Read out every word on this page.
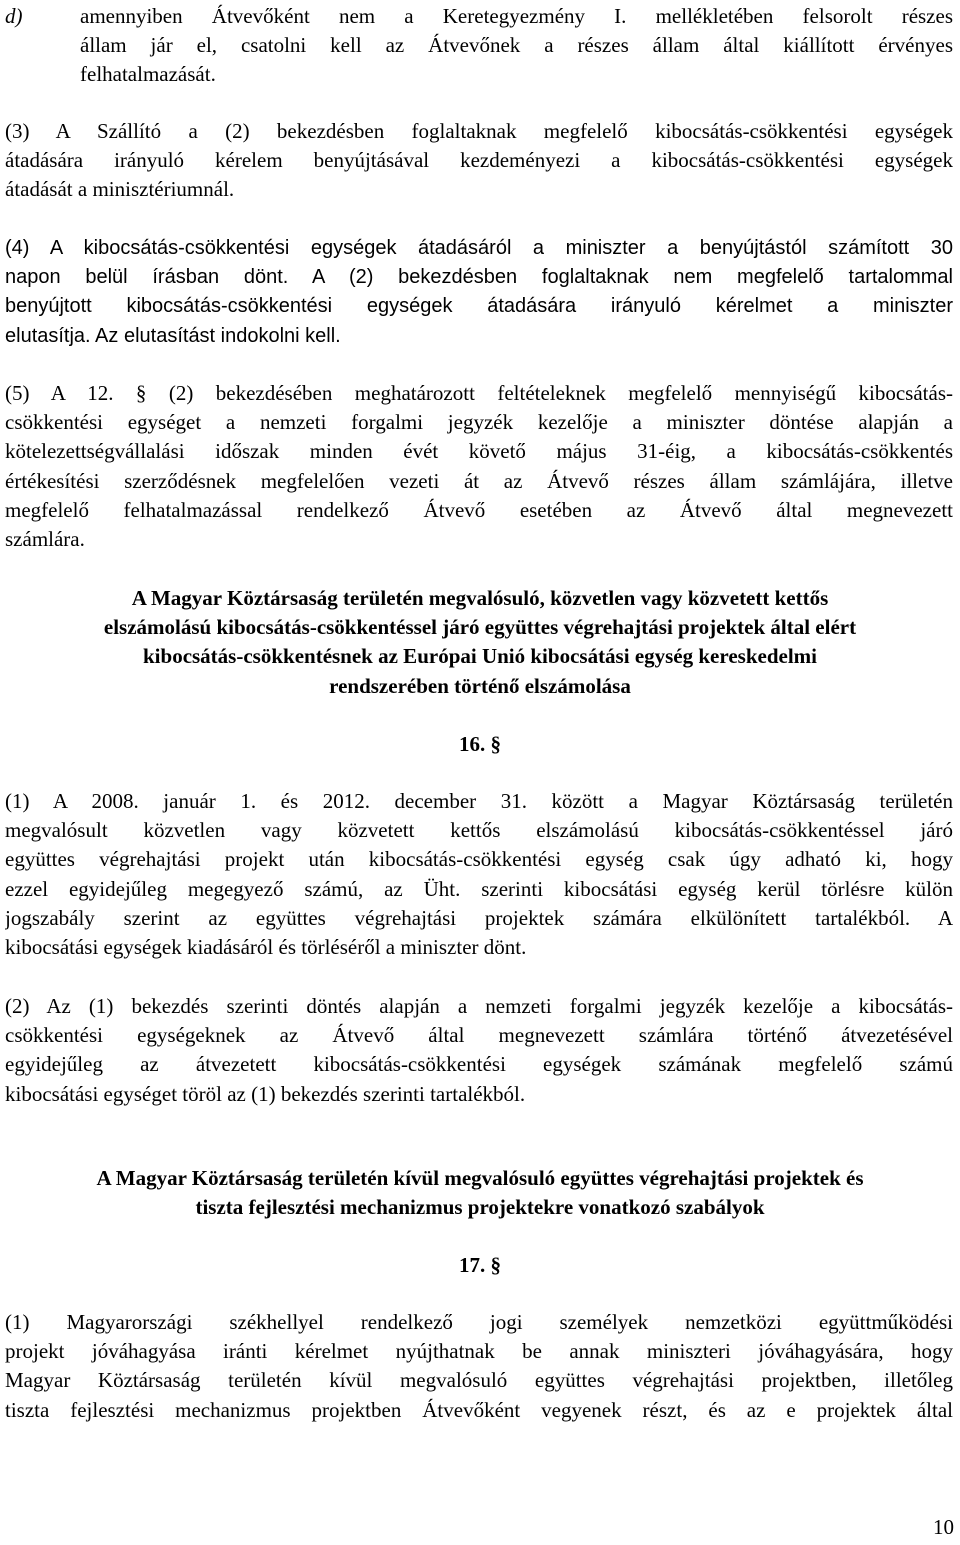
d)	amennyiben Átvevőként nem a Keretegyezmény I. mellékletében felsorolt részes
állam jár el, csatolni kell az Átvevőnek a részes állam által kiállított érvényes
felhatalmazását.
(3) A Szállító a (2) bekezdésben foglaltaknak megfelelő kibocsátás-csökkentési egységek
átadására irányuló kérelem benyújtásával kezdeményezi a kibocsátás-csökkentési egységek
átadását a minisztériumnál.
(4) A kibocsátás-csökkentési egységek átadásáról a miniszter a benyújtástól számított 30
napon belül írásban dönt. A (2) bekezdésben foglaltaknak nem megfelelő tartalommal
benyújtott kibocsátás-csökkentési egységek átadására irányuló kérelmet a miniszter
elutasítja. Az elutasítást indokolni kell.
(5) A 12. § (2) bekezdésében meghatározott feltételeknek megfelelő mennyiségű kibocsátás-
csökkentési egységet a nemzeti forgalmi jegyzék kezelője a miniszter döntése alapján a
kötelezettségvállalási időszak minden évét követő május 31-éig, a kibocsátás-csökkentés
értékesítési szerződésnek megfelelően vezeti át az Átvevő részes állam számlájára, illetve
megfelelő felhatalmazással rendelkező Átvevő esetében az Átvevő által megnevezett
számlára.
A Magyar Köztársaság területén megvalósuló, közvetlen vagy közvetett kettős
elszámolású kibocsátás-csökkentéssel járó együttes végrehajtási projektek által elért
kibocsátás-csökkentésnek az Európai Unió kibocsátási egység kereskedelmi
rendszerében történő elszámolása
16. §
(1) A 2008. január 1. és 2012. december 31. között a Magyar Köztársaság területén
megvalósult közvetlen vagy közvetett kettős elszámolású kibocsátás-csökkentéssel járó
együttes végrehajtási projekt után kibocsátás-csökkentési egység csak úgy adható ki, hogy
ezzel egyidejűleg megegyező számú, az Üht. szerinti kibocsátási egység kerül törlésre külön
jogszabály szerint az együttes végrehajtási projektek számára elkülönített tartalékból. A
kibocsátási egységek kiadásáról és törléséről a miniszter dönt.
(2) Az (1) bekezdés szerinti döntés alapján a nemzeti forgalmi jegyzék kezelője a kibocsátás-
csökkentési egységeknek az Átvevő által megnevezett számlára történő átvezetésével
egyidejűleg az átvezetett kibocsátás-csökkentési egységek számának megfelelő számú
kibocsátási egységet töröl az (1) bekezdés szerinti tartalékból.
A Magyar Köztársaság területén kívül megvalósuló együttes végrehajtási projektek és
tiszta fejlesztési mechanizmus projektekre vonatkozó szabályok
17. §
(1) Magyarországi székhellyel rendelkező jogi személyek nemzetközi együttműködési
projekt jóváhagyása iránti kérelmet nyújthatnak be annak miniszteri jóváhagyására, hogy
Magyar Köztársaság területén kívül megvalósuló együttes végrehajtási projektben, illetőleg
tiszta fejlesztési mechanizmus projektben Átvevőként vegyenek részt, és az e projektek által
10
